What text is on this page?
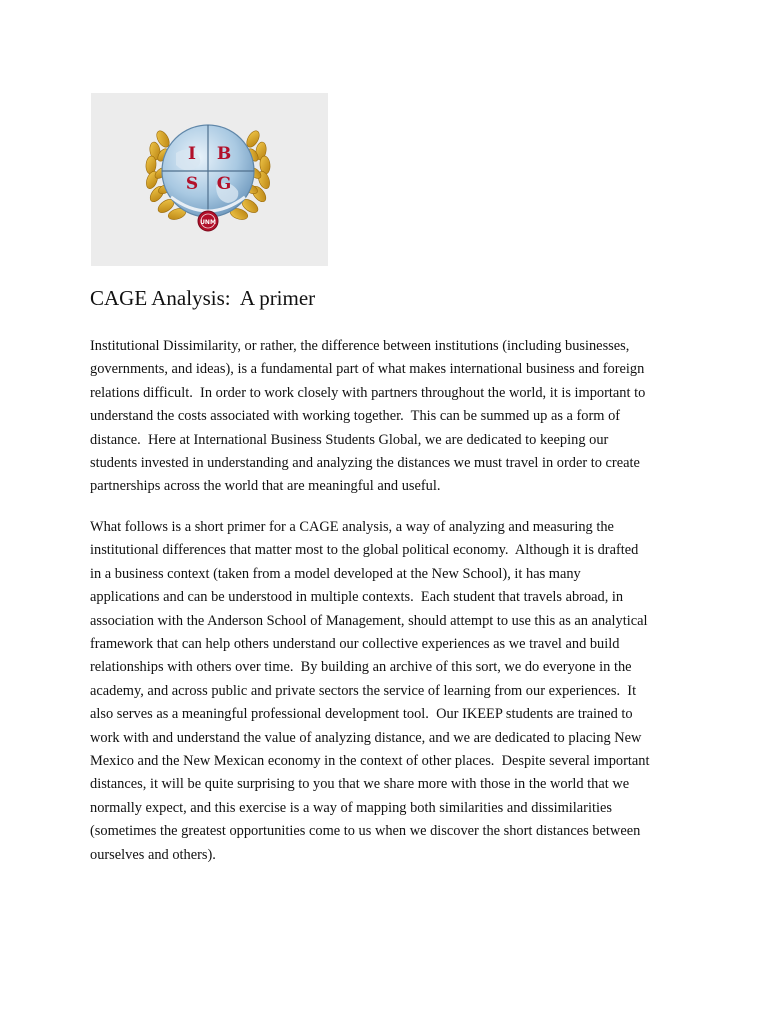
I B
S G
UNM
CAGE Analysis:  A primer
Institutional Dissimilarity, or rather, the difference between institutions (including businesses,
governments, and ideas), is a fundamental part of what makes international business and foreign
relations difficult.  In order to work closely with partners throughout the world, it is important to
understand the costs associated with working together.  This can be summed up as a form of
distance.  Here at International Business Students Global, we are dedicated to keeping our
students invested in understanding and analyzing the distances we must travel in order to create
partnerships across the world that are meaningful and useful.
What follows is a short primer for a CAGE analysis, a way of analyzing and measuring the
institutional differences that matter most to the global political economy.  Although it is drafted
in a business context (taken from a model developed at the New School), it has many
applications and can be understood in multiple contexts.  Each student that travels abroad, in
association with the Anderson School of Management, should attempt to use this as an analytical
framework that can help others understand our collective experiences as we travel and build
relationships with others over time.  By building an archive of this sort, we do everyone in the
academy, and across public and private sectors the service of learning from our experiences.  It
also serves as a meaningful professional development tool.  Our IKEEP students are trained to
work with and understand the value of analyzing distance, and we are dedicated to placing New
Mexico and the New Mexican economy in the context of other places.  Despite several important
distances, it will be quite surprising to you that we share more with those in the world that we
normally expect, and this exercise is a way of mapping both similarities and dissimilarities
(sometimes the greatest opportunities come to us when we discover the short distances between
ourselves and others).
